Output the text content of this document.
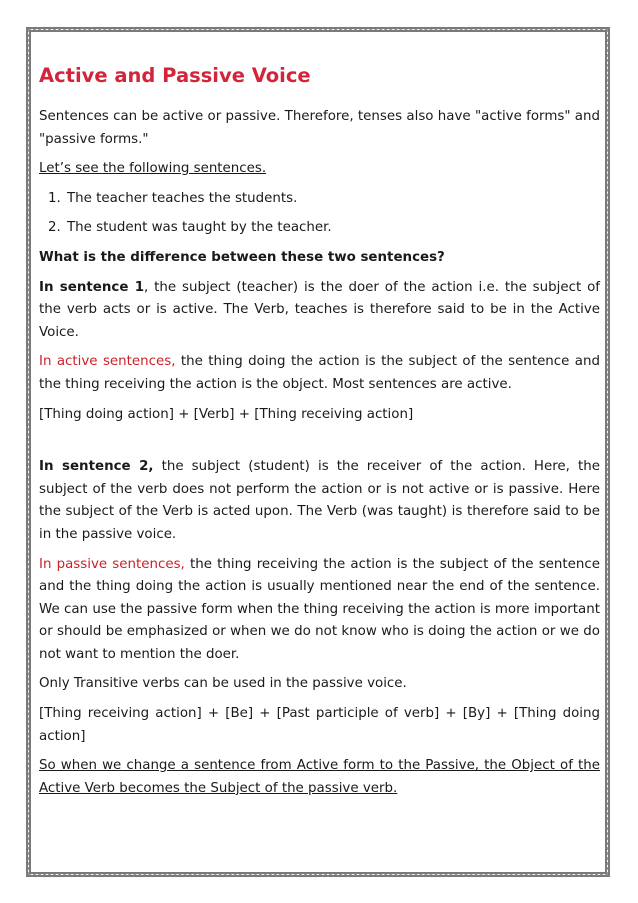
Active and Passive Voice

Sentences can be active or passive. Therefore, tenses also have "active forms" and "passive forms."

Let’s see the following sentences.

1. The teacher teaches the students.
2. The student was taught by the teacher.

What is the difference between these two sentences?

In sentence 1, the subject (teacher) is the doer of the action i.e. the subject of the verb acts or is active. The Verb, teaches is therefore said to be in the Active Voice.

In active sentences, the thing doing the action is the subject of the sentence and the thing receiving the action is the object. Most sentences are active.

[Thing doing action] + [Verb] + [Thing receiving action]

In sentence 2, the subject (student) is the receiver of the action. Here, the subject of the verb does not perform the action or is not active or is passive. Here the subject of the Verb is acted upon. The Verb (was taught) is therefore said to be in the passive voice.

In passive sentences, the thing receiving the action is the subject of the sentence and the thing doing the action is usually mentioned near the end of the sentence. We can use the passive form when the thing receiving the action is more important or should be emphasized or when we do not know who is doing the action or we do not want to mention the doer.

Only Transitive verbs can be used in the passive voice.

[Thing receiving action] + [Be] + [Past participle of verb] + [By] + [Thing doing action]

So when we change a sentence from Active form to the Passive, the Object of the Active Verb becomes the Subject of the passive verb.
